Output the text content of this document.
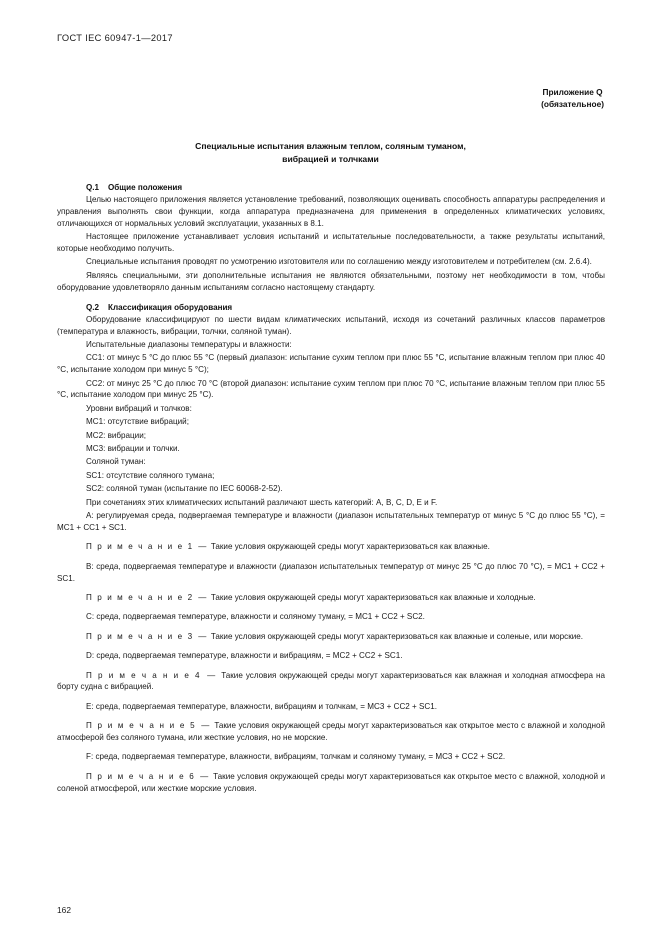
ГОСТ IEC 60947-1—2017
Приложение Q
(обязательное)
Специальные испытания влажным теплом, соляным туманом,
вибрацией и толчками
Q.1 Общие положения

Целью настоящего приложения является установление требований, позволяющих оценивать способность аппаратуры распределения и управления выполнять свои функции, когда аппаратура предназначена для применения в определенных климатических условиях, отличающихся от нормальных условий эксплуатации, указанных в 8.1.

Настоящее приложение устанавливает условия испытаний и испытательные последовательности, а также результаты испытаний, которые необходимо получить.

Специальные испытания проводят по усмотрению изготовителя или по соглашению между изготовителем и потребителем (см. 2.6.4).

Являясь специальными, эти дополнительные испытания не являются обязательными, поэтому нет необходимости в том, чтобы оборудование удовлетворяло данным испытаниям согласно настоящему стандарту.

Q.2 Классификация оборудования

Оборудование классифицируют по шести видам климатических испытаний, исходя из сочетаний различных классов параметров (температура и влажность, вибрации, толчки, соляной туман).

Испытательные диапазоны температуры и влажности:

СС1: от минус 5 °С до плюс 55 °С (первый диапазон: испытание сухим теплом при плюс 55 °С, испытание влажным теплом при плюс 40 °С, испытание холодом при минус 5 °С);

СС2: от минус 25 °С до плюс 70 °С (второй диапазон: испытание сухим теплом при плюс 70 °С, испытание влажным теплом при плюс 55 °С, испытание холодом при минус 25 °С).

Уровни вибраций и толчков:

MC1: отсутствие вибраций;

MC2: вибрации;

MC3: вибрации и толчки.

Соляной туман:

SC1: отсутствие соляного тумана;

SC2: соляной туман (испытание по IEC 60068-2-52).

При сочетаниях этих климатических испытаний различают шесть категорий: А, В, С, D, Е и F.

А: регулируемая среда, подвергаемая температуре и влажности (диапазон испытательных температур от минус 5 °С до плюс 55 °С), = MC1 + CC1 + SC1.

П р и м е ч а н и е 1 — Такие условия окружающей среды могут характеризоваться как влажные.

В: среда, подвергаемая температуре и влажности (диапазон испытательных температур от минус 25 °С до плюс 70 °С), = MC1 + CC2 + SC1.

П р и м е ч а н и е 2 — Такие условия окружающей среды могут характеризоваться как влажные и холодные.

С: среда, подвергаемая температуре, влажности и соляному туману, = MC1 + CC2 + SC2.

П р и м е ч а н и е 3 — Такие условия окружающей среды могут характеризоваться как влажные и соленые, или морские.

D: среда, подвергаемая температуре, влажности и вибрациям, = MC2 + CC2 + SC1.

П р и м е ч а н и е 4 — Такие условия окружающей среды могут характеризоваться как влажная и холодная атмосфера на борту судна с вибрацией.

Е: среда, подвергаемая температуре, влажности, вибрациям и толчкам, = MC3 + CC2 + SC1.

П р и м е ч а н и е 5 — Такие условия окружающей среды могут характеризоваться как открытое место с влажной и холодной атмосферой без соляного тумана, или жесткие условия, но не морские.

F: среда, подвергаемая температуре, влажности, вибрациям, толчкам и соляному туману, = MC3 + CC2 + SC2.

П р и м е ч а н и е 6 — Такие условия окружающей среды могут характеризоваться как открытое место с влажной, холодной и соленой атмосферой, или жесткие морские условия.

162
